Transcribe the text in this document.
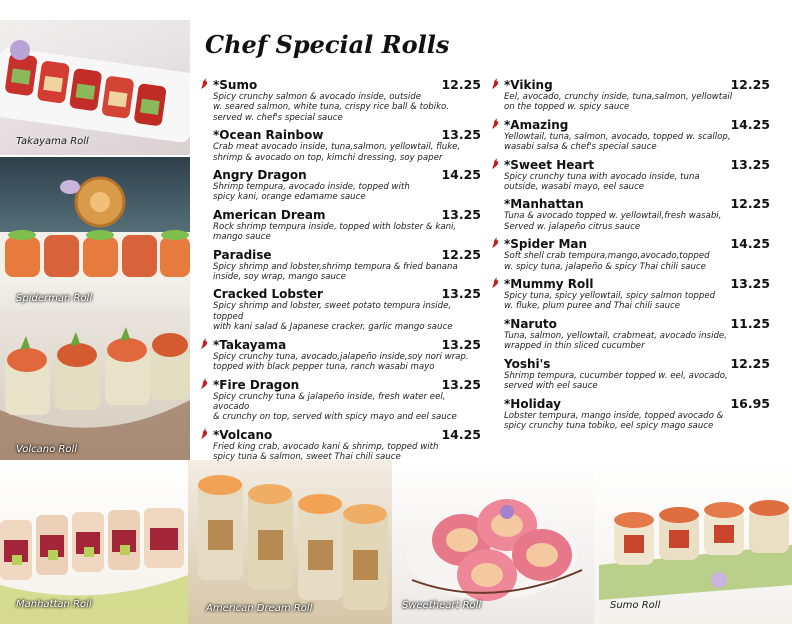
Chef Special Rolls
Takayama Roll
Spiderman Roll
Volcano Roll
Manhattan Roll	American Dream Roll	Sweetheart Roll	Sumo Roll
*Sumo	12.25
Spicy crunchy salmon & avocado inside, outside
w. seared salmon, white tuna, crispy rice ball & tobiko.
served w. chef's special sauce
*Ocean Rainbow	13.25
Crab meat avocado inside, tuna,salmon, yellowtail, fluke,
shrimp & avocado on top, kimchi dressing, soy paper
Angry Dragon	14.25
Shrimp tempura, avocado inside, topped with
spicy kani, orange edamame sauce
American Dream	13.25
Rock shrimp tempura inside, topped with lobster & kani,
mango sauce
Paradise	12.25
Spicy shrimp and lobster,shrimp tempura & fried banana
inside, soy wrap, mango sauce
Cracked Lobster	13.25
Spicy shrimp and lobster, sweet potato tempura inside, topped
with kani salad & Japanese cracker, garlic mango sauce
*Takayama	13.25
Spicy crunchy tuna, avocado,jalapeño inside,soy nori wrap.
topped with black pepper tuna, ranch wasabi mayo
*Fire Dragon	13.25
Spicy crunchy tuna & jalapeño inside, fresh water eel, avocado
& crunchy on top, served with spicy mayo and eel sauce
*Volcano	14.25
Fried king crab, avocado kani & shrimp, topped with
spicy tuna & salmon, sweet Thai chili sauce
*Viking	12.25
Eel, avocado, crunchy inside, tuna,salmon, yellowtail
on the topped w. spicy sauce
*Amazing	14.25
Yellowtail, tuna, salmon, avocado, topped w. scallop,
wasabi salsa & chef's special sauce
*Sweet Heart	13.25
Spicy crunchy tuna with avocado inside, tuna
outside, wasabi mayo, eel sauce
*Manhattan	12.25
Tuna & avocado topped w. yellowtail,fresh wasabi,
Served w. jalapeño citrus sauce
*Spider Man	14.25
Soft shell crab tempura,mango,avocado,topped
w. spicy tuna, jalapeño & spicy Thai chili sauce
*Mummy Roll	13.25
Spicy tuna, spicy yellowtail, spicy salmon topped
w. fluke, plum puree and Thai chili sauce
*Naruto	11.25
Tuna, salmon, yellowtail, crabmeat, avocado inside,
wrapped in thin sliced cucumber
Yoshi's	12.25
Shrimp tempura, cucumber topped w. eel, avocado,
served with eel sauce
*Holiday	16.95
Lobster tempura, mango inside, topped avocado &
spicy crunchy tuna tobiko, eel spicy mago sauce
